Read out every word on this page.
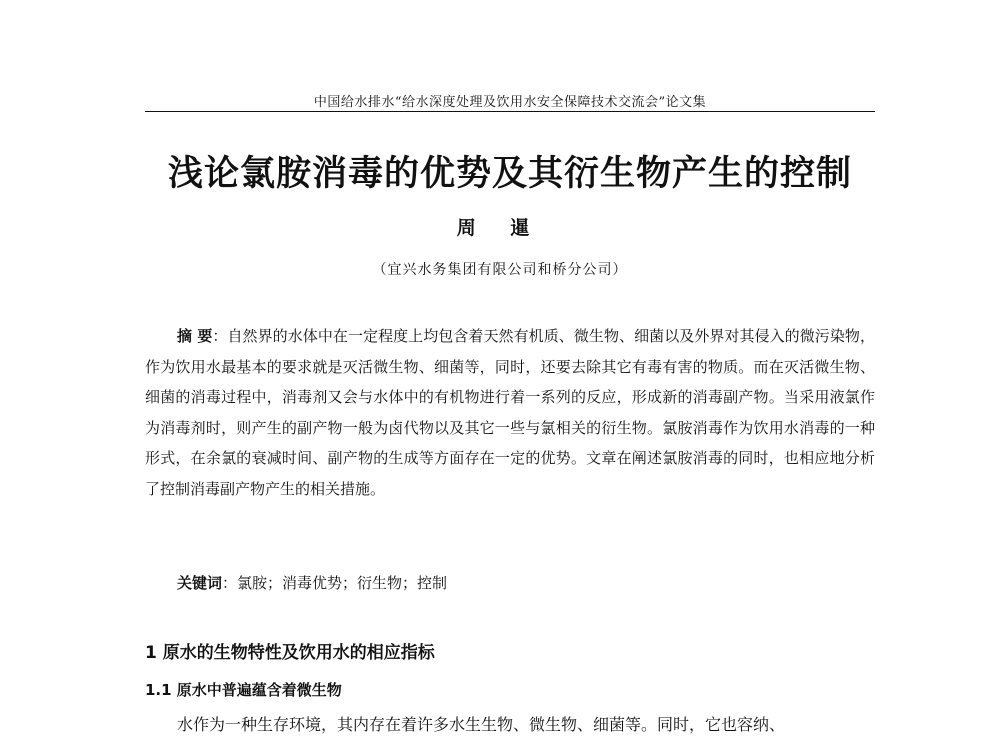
中国给水排水“给水深度处理及饮用水安全保障技术交流会”论文集
浅论氯胺消毒的优势及其衍生物产生的控制
周 暹
（宜兴水务集团有限公司和桥分公司）
摘 要：自然界的水体中在一定程度上均包含着天然有机质、微生物、细菌以及外界对其侵入的微污染物，作为饮用水最基本的要求就是灭活微生物、细菌等，同时，还要去除其它有毒有害的物质。而在灭活微生物、细菌的消毒过程中，消毒剂又会与水体中的有机物进行着一系列的反应，形成新的消毒副产物。当采用液氯作为消毒剂时，则产生的副产物一般为卤代物以及其它一些与氯相关的衍生物。氯胺消毒作为饮用水消毒的一种形式，在余氯的衰减时间、副产物的生成等方面存在一定的优势。文章在阐述氯胺消毒的同时，也相应地分析了控制消毒副产物产生的相关措施。
关键词：氯胺；消毒优势；衍生物；控制
1 原水的生物特性及饮用水的相应指标
1.1 原水中普遍蕴含着微生物
水作为一种生存环境，其内存在着许多水生生物、微生物、细菌等。同时，它也容纳、
